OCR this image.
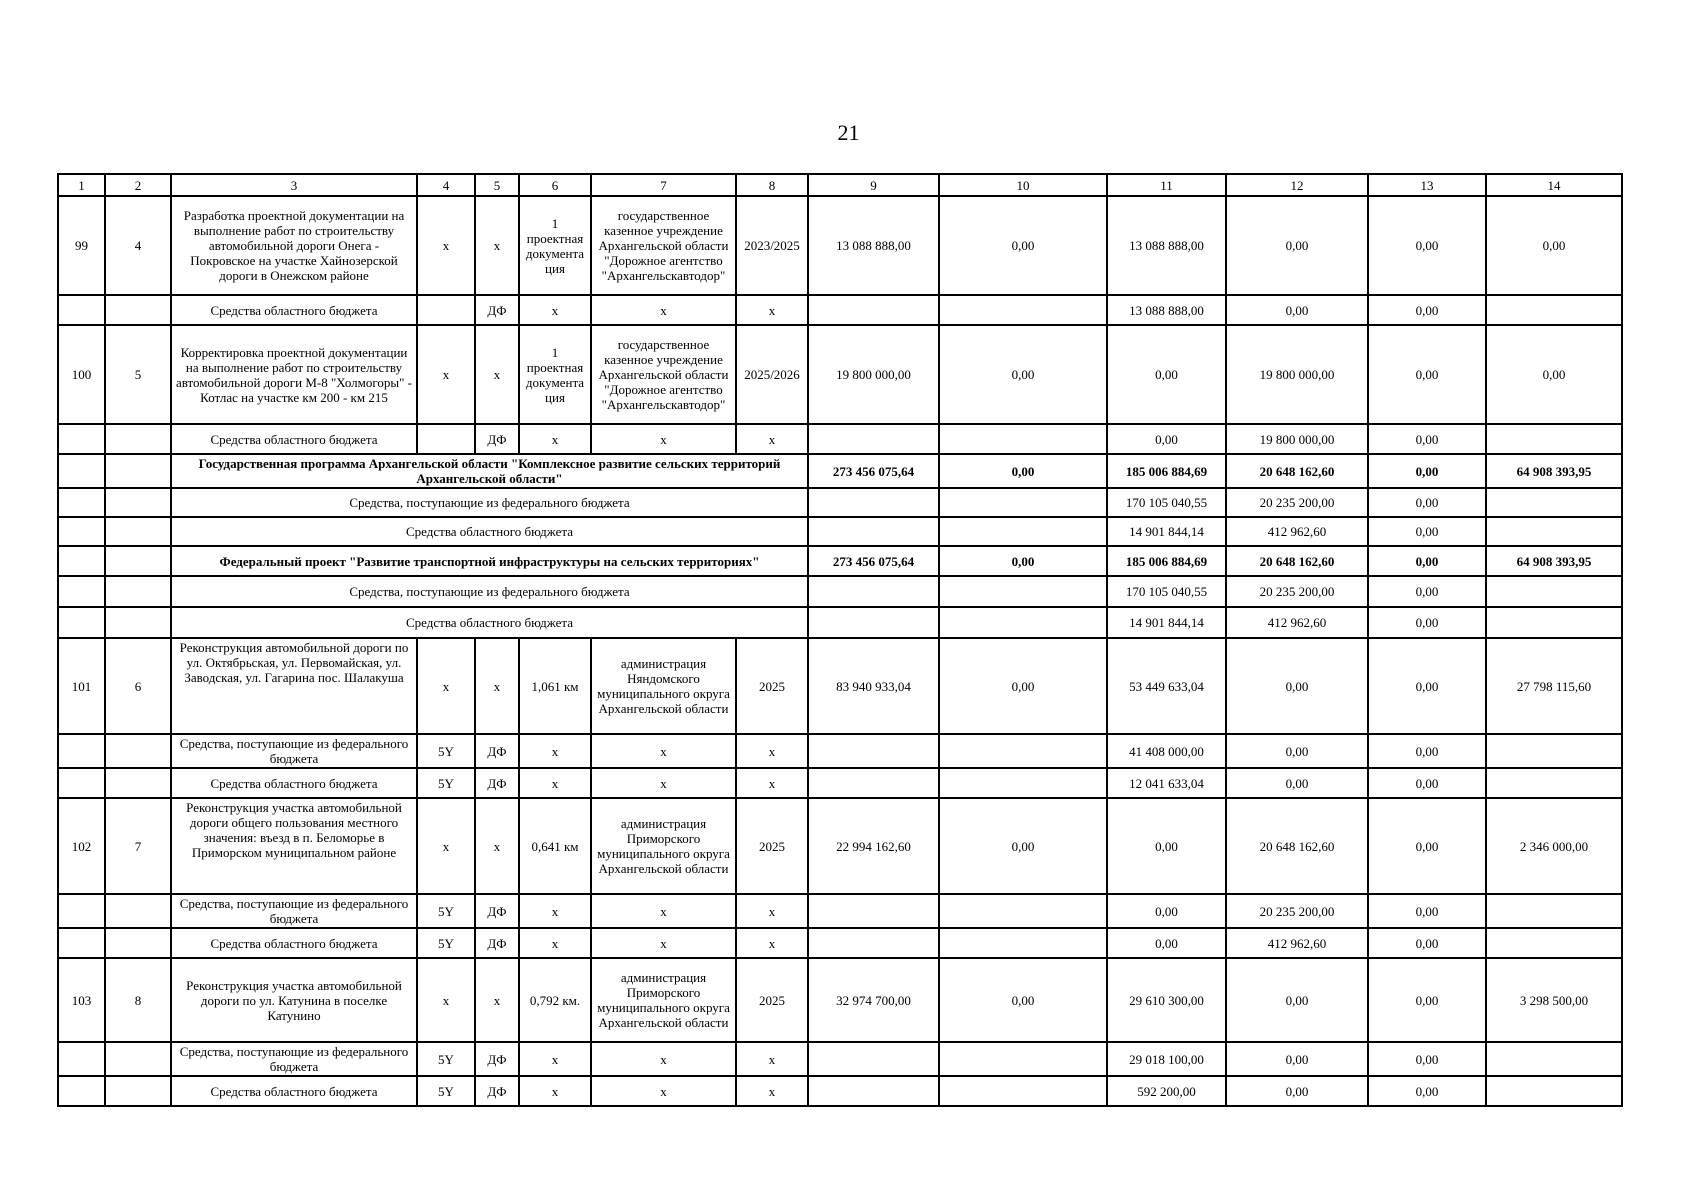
21
1	2	3	4	5	6	7	8	9	10	11	12	13	14
99	4	Разработка проектной документации на выполнение работ по строительству автомобильной дороги Онега - Покровское на участке Хайнозерской дороги в Онежском районе	x	x	1 проектная документа ция	государственное казенное учреждение Архангельской области "Дорожное агентство "Архангельскавтодор"	2023/2025	13 088 888,00	0,00	13 088 888,00	0,00	0,00	0,00
		Средства областного бюджета		ДФ	x	x	x			13 088 888,00	0,00	0,00	
100	5	Корректировка проектной документации на выполнение работ по строительству автомобильной дороги М-8 "Холмогоры" - Котлас на участке км 200 - км 215	x	x	1 проектная документа ция	государственное казенное учреждение Архангельской области "Дорожное агентство "Архангельскавтодор"	2025/2026	19 800 000,00	0,00	0,00	19 800 000,00	0,00	0,00
		Средства областного бюджета		ДФ	x	x	x			0,00	19 800 000,00	0,00	
		Государственная программа Архангельской области "Комплексное развитие сельских территорий Архангельской области"						273 456 075,64	0,00	185 006 884,69	20 648 162,60	0,00	64 908 393,95
		Средства, поступающие из федерального бюджета								170 105 040,55	20 235 200,00	0,00	
		Средства областного бюджета								14 901 844,14	412 962,60	0,00	
		Федеральный проект "Развитие транспортной инфраструктуры на сельских территориях"						273 456 075,64	0,00	185 006 884,69	20 648 162,60	0,00	64 908 393,95
		Средства, поступающие из федерального бюджета								170 105 040,55	20 235 200,00	0,00	
		Средства областного бюджета								14 901 844,14	412 962,60	0,00	
101	6	Реконструкция автомобильной дороги по ул. Октябрьская, ул. Первомайская, ул. Заводская, ул. Гагарина пос. Шалакуша	x	x	1,061 км	администрация Няндомского муниципального округа Архангельской области	2025	83 940 933,04	0,00	53 449 633,04	0,00	0,00	27 798 115,60
		Средства, поступающие из федерального бюджета	5Y	ДФ	x	x	x			41 408 000,00	0,00	0,00	
		Средства областного бюджета	5Y	ДФ	x	x	x			12 041 633,04	0,00	0,00	
102	7	Реконструкция участка автомобильной дороги общего пользования местного значения: въезд в п. Беломорье в Приморском муниципальном районе	x	x	0,641 км	администрация Приморского муниципального округа Архангельской области	2025	22 994 162,60	0,00	0,00	20 648 162,60	0,00	2 346 000,00
		Средства, поступающие из федерального бюджета	5Y	ДФ	x	x	x			0,00	20 235 200,00	0,00	
		Средства областного бюджета	5Y	ДФ	x	x	x			0,00	412 962,60	0,00	
103	8	Реконструкция участка автомобильной дороги по ул. Катунина в поселке Катунино	x	x	0,792 км.	администрация Приморского муниципального округа Архангельской области	2025	32 974 700,00	0,00	29 610 300,00	0,00	0,00	3 298 500,00
		Средства, поступающие из федерального бюджета	5Y	ДФ	x	x	x			29 018 100,00	0,00	0,00	
		Средства областного бюджета	5Y	ДФ	x	x	x			592 200,00	0,00	0,00	
